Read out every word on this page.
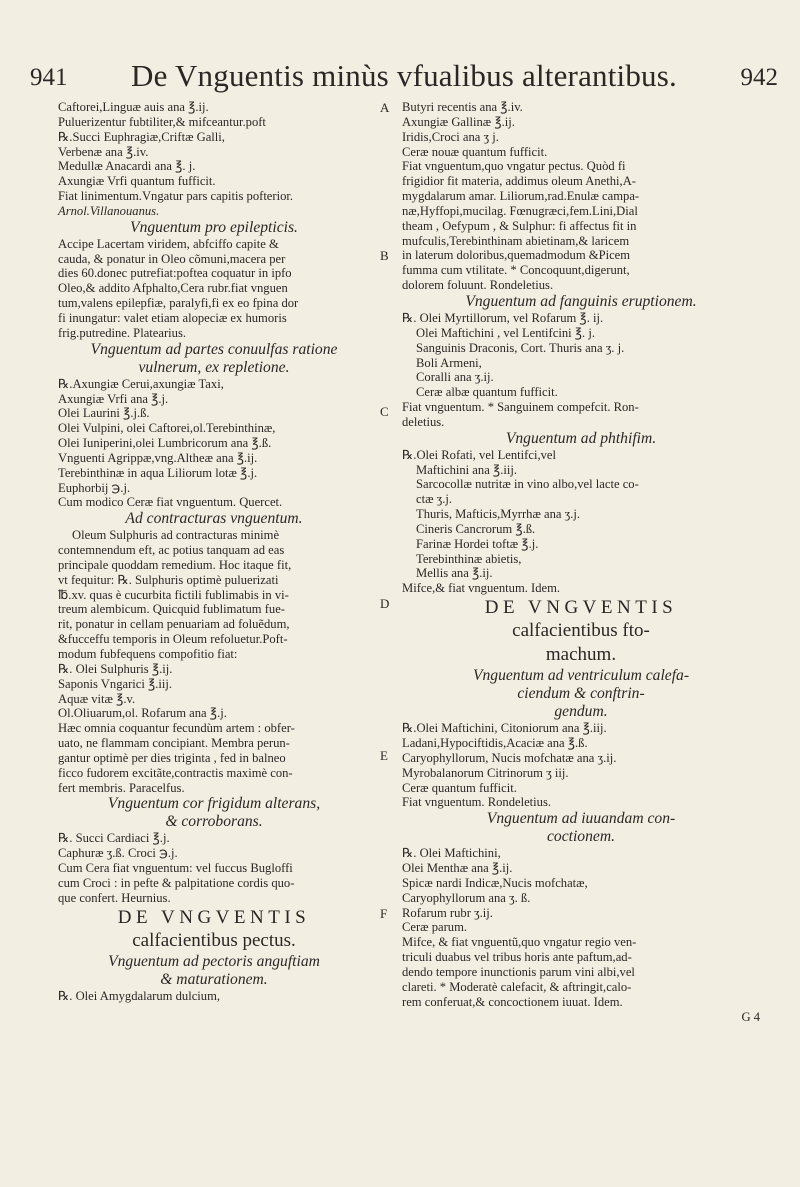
941	De Vnguentis minùs vfualibus alterantibus.	942
Caftorei,Linguæ auis ana ℥.ij.
Puluerizentur fubtiliter,& mifceantur.poft
℞.Succi Euphragiæ,Criftæ Galli,
Verbenæ ana ℥.iv.
Medullæ Anacardi ana ℥. j.
Axungiæ Vrfi quantum fufficit.
Fiat linimentum.Vngatur pars capitis pofterior.
Arnol.Villanouanus.
Vnguentum pro epilepticis.
Accipe Lacertam viridem, abfciffo capite &
cauda, & ponatur in Oleo cõmuni,macera per
dies 60.donec putrefiat:poftea coquatur in ipfo
Oleo,& addito Afphalto,Cera rubr.fiat vnguen
tum,valens epilepfiæ, paralyfi,fi ex eo fpina dor
fi inungatur: valet etiam alopeciæ ex humoris
frig.putredine. Platearius.
Vnguentum ad partes conuulfas ratione
vulnerum, ex repletione.
℞.Axungiæ Cerui,axungiæ Taxi,
Axungiæ Vrfi ana ℥.j.
Olei Laurini ℥.j.ß.
Olei Vulpini, olei Caftorei,ol.Terebinthinæ,
Olei Iuniperini,olei Lumbricorum ana ℥.ß.
Vnguenti Agrippæ,vng.Altheæ ana ℥.ij.
Terebinthinæ in aqua Liliorum lotæ ℥.j.
Euphorbij ℈.j.
Cum modico Ceræ fiat vnguentum. Quercet.
Ad contracturas vnguentum.
Oleum Sulphuris ad contracturas minimè
contemnendum eft, ac potius tanquam ad eas
principale quoddam remedium. Hoc itaque fit,
vt fequitur: ℞. Sulphuris optimè puluerizati
℔.xv. quas è cucurbita fictili fublimabis in vi-
treum alembicum. Quicquid fublimatum fue-
rit, ponatur in cellam penuariam ad foluẽdum,
&fucceffu temporis in Oleum refoluetur.Poft-
modum fubfequens compofitio fiat:
℞. Olei Sulphuris ℥.ij.
Saponis Vngarici ℥.iij.
Aquæ vitæ ℥.v.
Ol.Oliuarum,ol. Rofarum ana ℥.j.
Hæc omnia coquantur fecundùm artem : obfer-
uato, ne flammam concipiant. Membra perun-
gantur optimè per dies triginta , fed in balneo
ficco fudorem excitãte,contractis maximè con-
fert membris. Paracelfus.
Vnguentum cor frigidum alterans,
& corroborans.
℞. Succi Cardiaci ℥.j.
Caphuræ ʒ.ß. Croci ℈.j.
Cum Cera fiat vnguentum: vel fuccus Bugloffi
cum Croci : in pefte & palpitatione cordis quo-
que confert. Heurnius.
DE VNGVENTIS
calfacientibus pectus.
Vnguentum ad pectoris anguftiam
& maturationem.
℞. Olei Amygdalarum dulcium,
Butyri recentis ana ℥.iv.
Axungiæ Gallinæ ℥.ij.
Iridis,Croci ana ʒ j.
Ceræ nouæ quantum fufficit.
Fiat vnguentum,quo vngatur pectus. Quòd fi
frigidior fit materia, addimus oleum Anethi,A-
mygdalarum amar. Liliorum,rad.Enulæ campa-
næ,Hyffopi,mucilag. Fœnugræci,fem.Lini,Dial
theam , Oefypum , & Sulphur: fi affectus fit in
mufculis,Terebinthinam abietinam,& laricem
in laterum doloribus,quemadmodum &Picem
fumma cum vtilitate. * Concoquunt,digerunt,
dolorem foluunt. Rondeletius.
Vnguentum ad fanguinis eruptionem.
℞. Olei Myrtillorum, vel Rofarum ℥. ij.
Olei Maftichini , vel Lentifcini ℥. j.
Sanguinis Draconis, Cort. Thuris ana ʒ. j.
Boli Armeni,
Coralli ana ʒ.ij.
Ceræ albæ quantum fufficit.
Fiat vnguentum. * Sanguinem compefcit. Ron-
deletius.
Vnguentum ad phthifim.
℞.Olei Rofati, vel Lentifci,vel
Maftichini ana ℥.iij.
Sarcocollæ nutritæ in vino albo,vel lacte co-
ctæ ʒ.j.
Thuris, Mafticis,Myrrhæ ana ʒ.j.
Cineris Cancrorum ℥.ß.
Farinæ Hordei toftæ ℥.j.
Terebinthinæ abietis,
Mellis ana ℥.ij.
Mifce,& fiat vnguentum. Idem.
DE VNGVENTIS
calfacientibus fto-
machum.
Vnguentum ad ventriculum calefa-
ciendum & conftrin-
gendum.
℞.Olei Maftichini, Citoniorum ana ℥.iij.
Ladani,Hypociftidis,Acaciæ ana ℥.ß.
Caryophyllorum, Nucis mofchatæ ana ʒ.ij.
Myrobalanorum Citrinorum ʒ iij.
Ceræ quantum fufficit.
Fiat vnguentum. Rondeletius.
Vnguentum ad iuuandam con-
coctionem.
℞. Olei Maftichini,
Olei Menthæ ana ℥.ij.
Spicæ nardi Indicæ,Nucis mofchatæ,
Caryophyllorum ana ʒ. ß.
Rofarum rubr ʒ.ij.
Ceræ parum.
Mifce, & fiat vnguentũ,quo vngatur regio ven-
triculi duabus vel tribus horis ante paftum,ad-
dendo tempore inunctionis parum vini albi,vel
clareti. * Moderatè calefacit, & aftringit,calo-
rem conferuat,& concoctionem iuuat. Idem.
G 4
A
B
C
D
E
F
